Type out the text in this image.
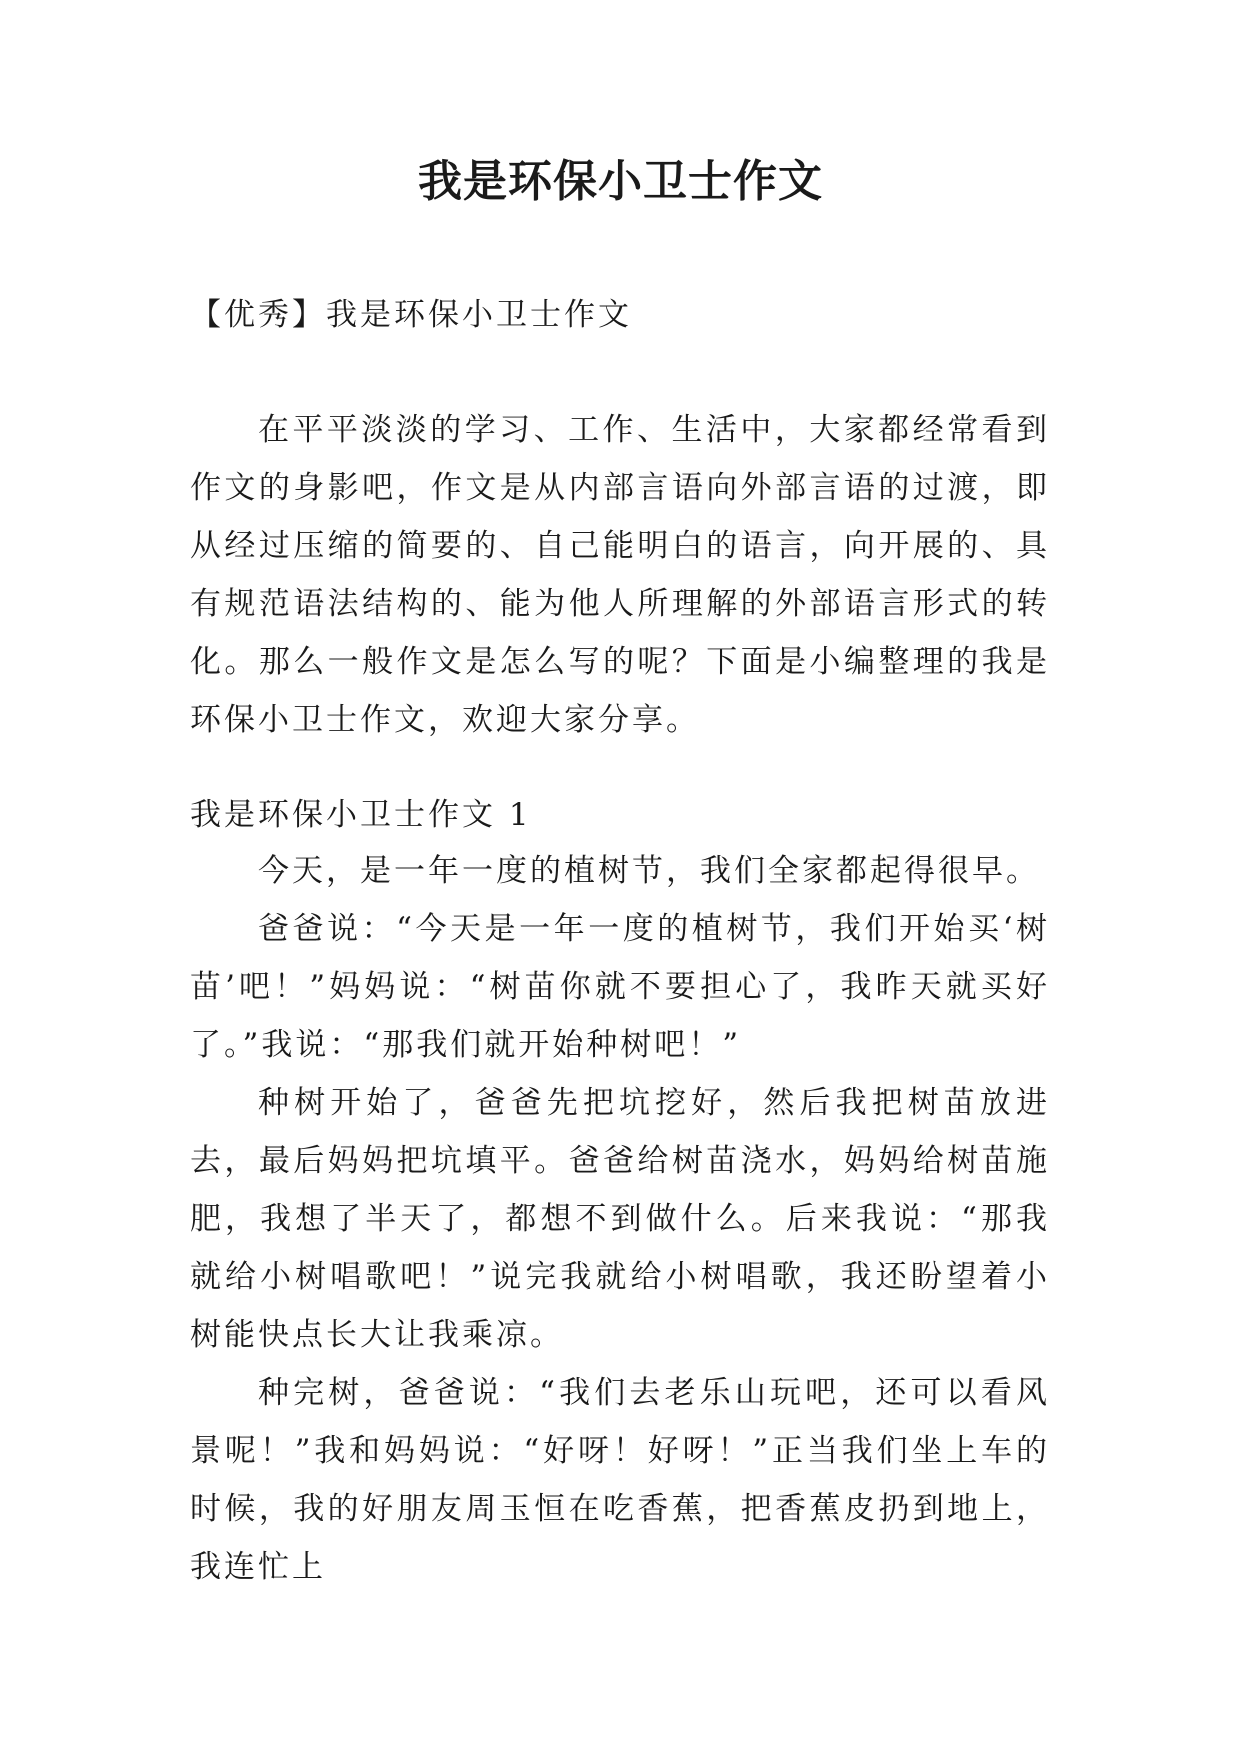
我是环保小卫士作文
【优秀】我是环保小卫士作文
在平平淡淡的学习、工作、生活中，大家都经常看到作文的身影吧，作文是从内部言语向外部言语的过渡，即从经过压缩的简要的、自己能明白的语言，向开展的、具有规范语法结构的、能为他人所理解的外部语言形式的转化。那么一般作文是怎么写的呢？下面是小编整理的我是环保小卫士作文，欢迎大家分享。
我是环保小卫士作文 1

今天，是一年一度的植树节，我们全家都起得很早。

爸爸说：“今天是一年一度的植树节，我们开始买‘树苗’吧！”妈妈说：“树苗你就不要担心了，我昨天就买好了。”我说：“那我们就开始种树吧！”

种树开始了，爸爸先把坑挖好，然后我把树苗放进去，最后妈妈把坑填平。爸爸给树苗浇水，妈妈给树苗施肥，我想了半天了，都想不到做什么。后来我说：“那我就给小树唱歌吧！”说完我就给小树唱歌，我还盼望着小树能快点长大让我乘凉。

种完树，爸爸说：“我们去老乐山玩吧，还可以看风景呢！”我和妈妈说：“好呀！好呀！”正当我们坐上车的时候，我的好朋友周玉恒在吃香蕉，把香蕉皮扔到地上，我连忙上
